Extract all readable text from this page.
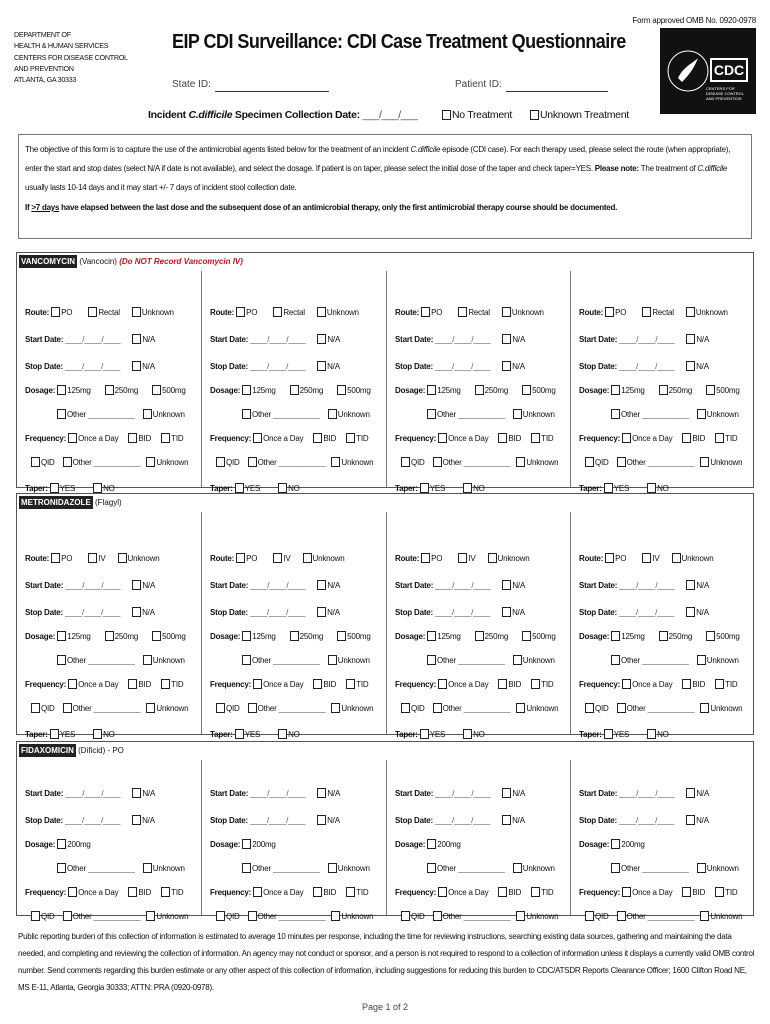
DEPARTMENT OF
HEALTH & HUMAN SERVICES
CENTERS FOR DISEASE CONTROL
AND PREVENTION
ATLANTA, GA 30333
Form approved OMB No. 0920-0978
EIP CDI Surveillance: CDI Case Treatment Questionnaire
State ID:	Patient ID:
CDC
CENTERS FOR DISEASE CONTROL AND PREVENTION
Incident C.difficile Specimen Collection Date: ___/___/___	No Treatment	Unknown Treatment

The objective of this form is to capture the use of the antimicrobial agents listed below for the treatment of an incident C.difficile episode (CDI case). For each therapy used, please select the route (when appropriate), enter the start and stop dates (select N/A if date is not available), and select the dosage. If patient is on taper, please select the initial dose of the taper and check taper=YES. Please note: The treatment of C.difficile usually lasts 10-14 days and it may start +/- 7 days of incident stool collection date.

If >7 days have elapsed between the last dose and the subsequent dose of an antimicrobial therapy, only the first antimicrobial therapy course should be documented.

VANCOMYCIN (Vancocin) (Do NOT Record Vancomycin IV)
Route: PO	Rectal	Unknown
Start Date: ____/____/____	N/A
Stop Date: ____/____/____	N/A
Dosage: 125mg	250mg	500mg
Other ___________ Unknown
Frequency: Once a Day	BID	TID
QID Other ___________ Unknown
Taper: YES	NO
Route: PO	Rectal	Unknown
Start Date: ____/____/____	N/A
Stop Date: ____/____/____	N/A
Dosage: 125mg	250mg	500mg
Other ___________ Unknown
Frequency: Once a Day	BID	TID
QID Other ___________ Unknown
Taper: YES	NO
Route: PO	Rectal	Unknown
Start Date: ____/____/____	N/A
Stop Date: ____/____/____	N/A
Dosage: 125mg	250mg	500mg
Other ___________ Unknown
Frequency: Once a Day	BID	TID
QID Other ___________ Unknown
Taper: YES	NO
Route: PO	Rectal	Unknown
Start Date: ____/____/____	N/A
Stop Date: ____/____/____	N/A
Dosage: 125mg	250mg	500mg
Other ___________ Unknown
Frequency: Once a Day	BID	TID
QID Other ___________ Unknown
Taper: YES	NO
METRONIDAZOLE (Flagyl)
Route: PO	IV	Unknown
Start Date: ____/____/____	N/A
Stop Date: ____/____/____	N/A
Dosage: 125mg	250mg	500mg
Other ___________ Unknown
Frequency: Once a Day	BID	TID
QID Other ___________ Unknown
Taper: YES	NO
Route: PO	IV	Unknown
Start Date: ____/____/____	N/A
Stop Date: ____/____/____	N/A
Dosage: 125mg	250mg	500mg
Other ___________ Unknown
Frequency: Once a Day	BID	TID
QID Other ___________ Unknown
Taper: YES	NO
Route: PO	IV	Unknown
Start Date: ____/____/____	N/A
Stop Date: ____/____/____	N/A
Dosage: 125mg	250mg	500mg
Other ___________ Unknown
Frequency: Once a Day	BID	TID
QID Other ___________ Unknown
Taper: YES	NO
Route: PO	IV	Unknown
Start Date: ____/____/____	N/A
Stop Date: ____/____/____	N/A
Dosage: 125mg	250mg	500mg
Other ___________ Unknown
Frequency: Once a Day	BID	TID
QID Other ___________ Unknown
Taper: YES	NO
FIDAXOMICIN (Dificid) - PO
Start Date: ____/____/____	N/A
Stop Date: ____/____/____	N/A
Dosage: 200mg
Other ___________ Unknown
Frequency: Once a Day	BID	TID
QID Other ___________ Unknown
Start Date: ____/____/____	N/A
Stop Date: ____/____/____	N/A
Dosage: 200mg
Other ___________ Unknown
Frequency: Once a Day	BID	TID
QID Other ___________ Unknown
Start Date: ____/____/____	N/A
Stop Date: ____/____/____	N/A
Dosage: 200mg
Other ___________ Unknown
Frequency: Once a Day	BID	TID
QID Other ___________ Unknown
Start Date: ____/____/____	N/A
Stop Date: ____/____/____	N/A
Dosage: 200mg
Other ___________ Unknown
Frequency: Once a Day	BID	TID
QID Other ___________ Unknown
Public reporting burden of this collection of information is estimated to average 10 minutes per response, including the time for reviewing instructions, searching existing data sources, gathering and maintaining the data needed, and completing and reviewing the collection of information. An agency may not conduct or sponsor, and a person is not required to respond to a collection of information unless it displays a currently valid OMB control number. Send comments regarding this burden estimate or any other aspect of this collection of information, including suggestions for reducing this burden to CDC/ATSDR Reports Clearance Officer; 1600 Clifton Road NE, MS E-11, Atlanta, Georgia 30333; ATTN: PRA (0920-0978).
Page 1 of 2
